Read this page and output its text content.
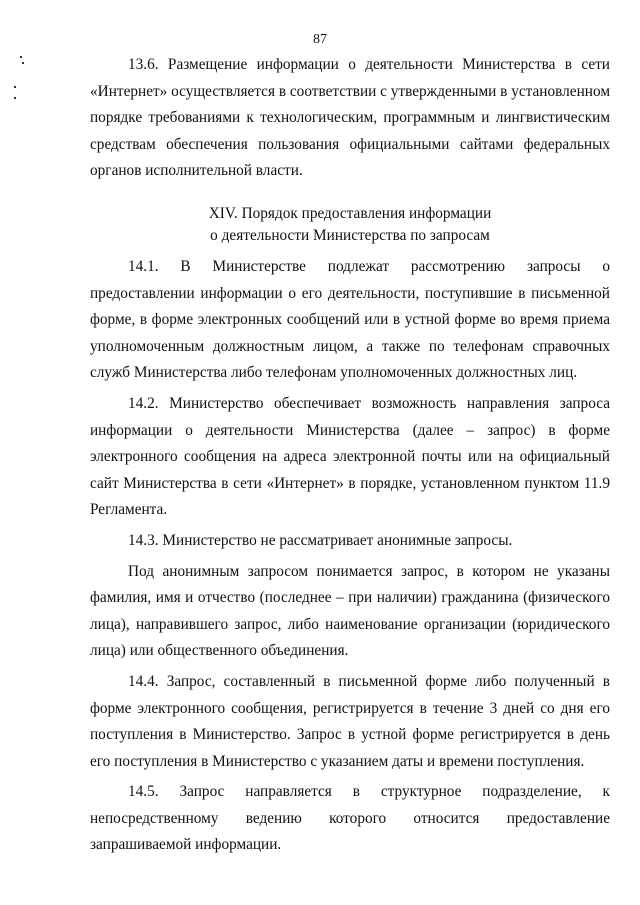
87

13.6. Размещение информации о деятельности Министерства в сети «Интернет» осуществляется в соответствии с утвержденными в установленном порядке требованиями к технологическим, программным и лингвистическим средствам обеспечения пользования официальными сайтами федеральных органов исполнительной власти.

XIV. Порядок предоставления информации
о деятельности Министерства по запросам

14.1. В Министерстве подлежат рассмотрению запросы о предоставлении информации о его деятельности, поступившие в письменной форме, в форме электронных сообщений или в устной форме во время приема уполномоченным должностным лицом, а также по телефонам справочных служб Министерства либо телефонам уполномоченных должностных лиц.

14.2. Министерство обеспечивает возможность направления запроса информации о деятельности Министерства (далее – запрос) в форме электронного сообщения на адреса электронной почты или на официальный сайт Министерства в сети «Интернет» в порядке, установленном пунктом 11.9 Регламента.

14.3. Министерство не рассматривает анонимные запросы.

Под анонимным запросом понимается запрос, в котором не указаны фамилия, имя и отчество (последнее – при наличии) гражданина (физического лица), направившего запрос, либо наименование организации (юридического лица) или общественного объединения.

14.4. Запрос, составленный в письменной форме либо полученный в форме электронного сообщения, регистрируется в течение 3 дней со дня его поступления в Министерство. Запрос в устной форме регистрируется в день его поступления в Министерство с указанием даты и времени поступления.

14.5. Запрос направляется в структурное подразделение, к непосредственному ведению которого относится предоставление запрашиваемой информации.
